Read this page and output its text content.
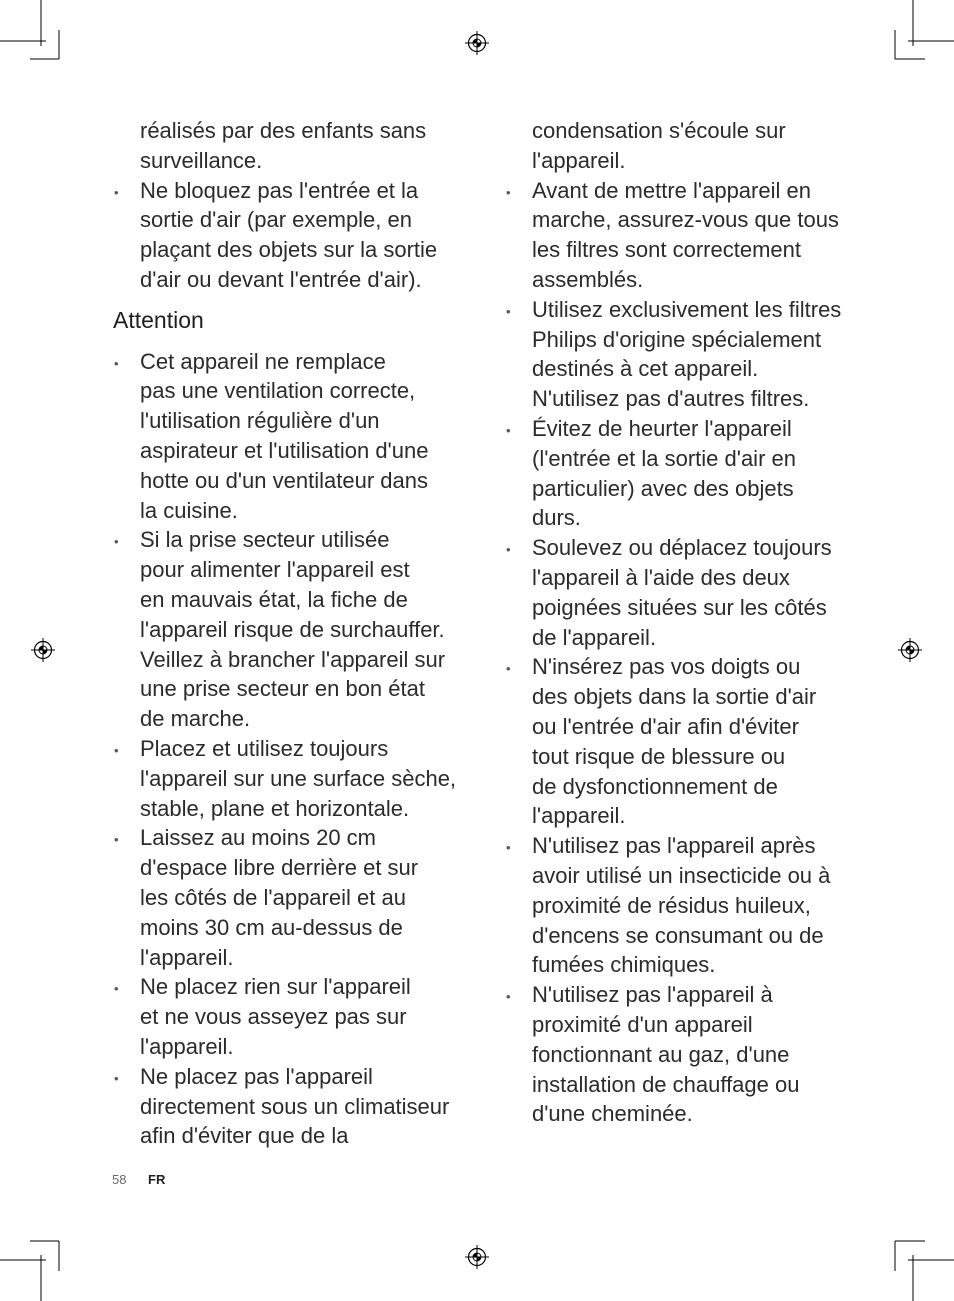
réalisés par des enfants sans
surveillance.

• Ne bloquez pas l'entrée et la
sortie d'air (par exemple, en
plaçant des objets sur la sortie
d'air ou devant l'entrée d'air).

Attention

• Cet appareil ne remplace
pas une ventilation correcte,
l'utilisation régulière d'un
aspirateur et l'utilisation d'une
hotte ou d'un ventilateur dans
la cuisine.

• Si la prise secteur utilisée
pour alimenter l'appareil est
en mauvais état, la fiche de
l'appareil risque de surchauffer.
Veillez à brancher l'appareil sur
une prise secteur en bon état
de marche.

• Placez et utilisez toujours
l'appareil sur une surface sèche,
stable, plane et horizontale.

• Laissez au moins 20 cm
d'espace libre derrière et sur
les côtés de l'appareil et au
moins 30 cm au-dessus de
l'appareil.

• Ne placez rien sur l'appareil
et ne vous asseyez pas sur
l'appareil.

• Ne placez pas l'appareil
directement sous un climatiseur
afin d'éviter que de la

condensation s'écoule sur
l'appareil.

• Avant de mettre l'appareil en
marche, assurez-vous que tous
les filtres sont correctement
assemblés.

• Utilisez exclusivement les filtres
Philips d'origine spécialement
destinés à cet appareil.
N'utilisez pas d'autres filtres.

• Évitez de heurter l'appareil
(l'entrée et la sortie d'air en
particulier) avec des objets
durs.

• Soulevez ou déplacez toujours
l'appareil à l'aide des deux
poignées situées sur les côtés
de l'appareil.

• N'insérez pas vos doigts ou
des objets dans la sortie d'air
ou l'entrée d'air afin d'éviter
tout risque de blessure ou
de dysfonctionnement de
l'appareil.

• N'utilisez pas l'appareil après
avoir utilisé un insecticide ou à
proximité de résidus huileux,
d'encens se consumant ou de
fumées chimiques.

• N'utilisez pas l'appareil à
proximité d'un appareil
fonctionnant au gaz, d'une
installation de chauffage ou
d'une cheminée.

58 FR
